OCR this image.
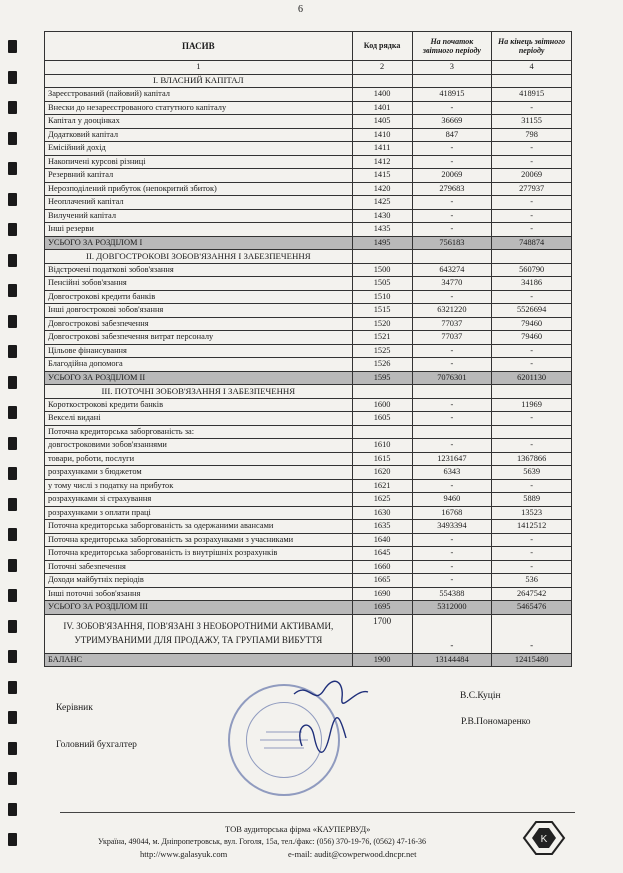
6
ПАСИВ	Код рядка	На початок звітного періоду	На кінець звітного періоду
1	2	3	4
І. ВЛАСНИЙ КАПІТАЛ			
Зареєстрований (пайовий) капітал	1400	418915	418915
Внески до незареєстрованого статутного капіталу	1401	-	-
Капітал у дооцінках	1405	36669	31155
Додатковий капітал	1410	847	798
Емісійний дохід	1411	-	-
Накопичені курсові різниці	1412	-	-
Резервний капітал	1415	20069	20069
Нерозподілений прибуток (непокритий збиток)	1420	279683	277937
Неоплачений капітал	1425	-	-
Вилучений капітал	1430	-	-
Інші резерви	1435	-	-
УСЬОГО ЗА РОЗДІЛОМ І	1495	756183	748874
ІІ. ДОВГОСТРОКОВІ ЗОБОВ'ЯЗАННЯ І ЗАБЕЗПЕЧЕННЯ			
Відстрочені податкові зобов'язання	1500	643274	560790
Пенсійні зобов'язання	1505	34770	34186
Довгострокові кредити банків	1510	-	-
Інші довгострокові зобов'язання	1515	6321220	5526694
Довгострокові забезпечення	1520	77037	79460
Довгострокові забезпечення витрат персоналу	1521	77037	79460
Цільове фінансування	1525	-	-
Благодійна допомога	1526	-	-
УСЬОГО ЗА РОЗДІЛОМ ІІ	1595	7076301	6201130
ІІІ. ПОТОЧНІ ЗОБОВ'ЯЗАННЯ І ЗАБЕЗПЕЧЕННЯ			
Короткострокові кредити банків	1600	-	11969
Векселі видані	1605	-	-
Поточна кредиторська заборгованість за:			
довгостроковими зобов'язаннями	1610	-	-
товари, роботи, послуги	1615	1231647	1367866
розрахунками з бюджетом	1620	6343	5639
у тому числі з податку на прибуток	1621	-	-
розрахунками зі страхування	1625	9460	5889
розрахунками з оплати праці	1630	16768	13523
Поточна кредиторська заборгованість за одержаними авансами	1635	3493394	1412512
Поточна кредиторська заборгованість за розрахунками з учасниками	1640	-	-
Поточна кредиторська заборгованість із внутрішніх розрахунків	1645	-	-
Поточні забезпечення	1660	-	-
Доходи майбутніх періодів	1665	-	536
Інші поточні зобов'язання	1690	554388	2647542
УСЬОГО ЗА РОЗДІЛОМ ІІІ	1695	5312000	5465476
IV. ЗОБОВ'ЯЗАННЯ, ПОВ'ЯЗАНІ З НЕОБОРОТНИМИ АКТИВАМИ, УТРИМУВАНИМИ ДЛЯ ПРОДАЖУ, ТА ГРУПАМИ ВИБУТТЯ	1700	-	-
БАЛАНС	1900	13144484	12415480
Керівник
В.С.Куцін
Головний бухгалтер
Р.В.Пономаренко
ТОВ аудиторська фірма «КАУПЕРВУД»
Україна, 49044, м. Дніпропетровськ, вул. Гоголя, 15а, тел./факс: (056) 370-19-76, (0562) 47-16-36
http://www.galasyuk.com	e-mail: audit@cowperwood.dncpr.net
K
